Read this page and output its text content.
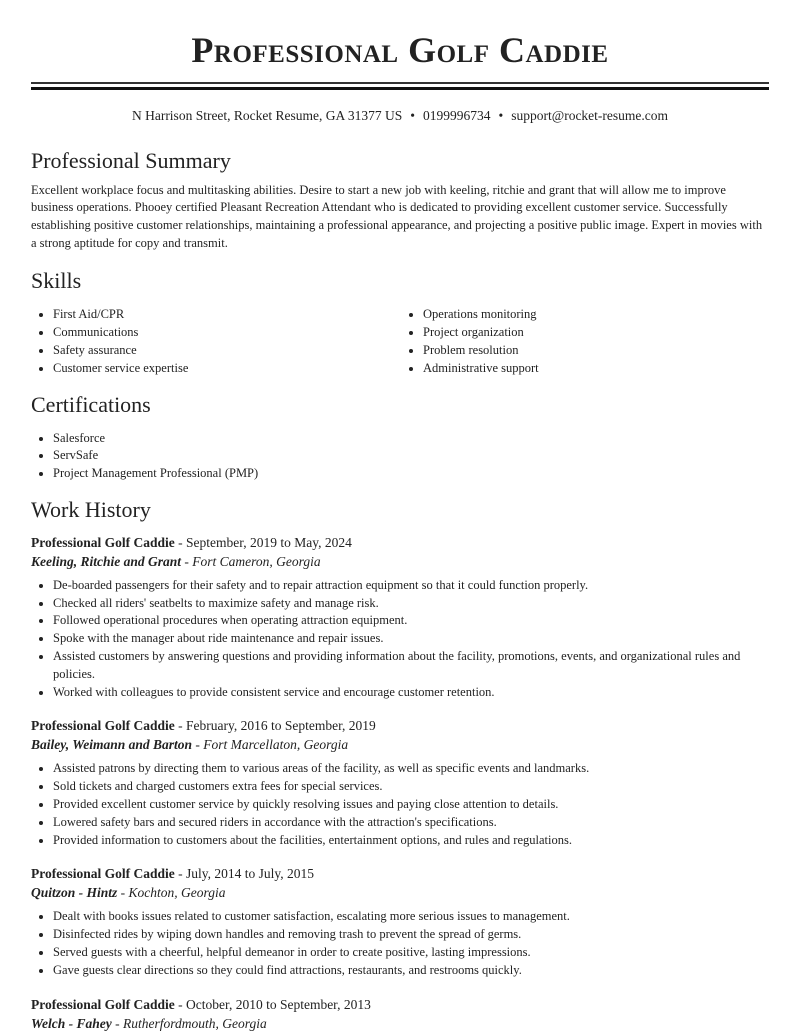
Professional Golf Caddie
N Harrison Street, Rocket Resume, GA 31377 US • 0199996734 • support@rocket-resume.com
Professional Summary

Excellent workplace focus and multitasking abilities. Desire to start a new job with keeling, ritchie and grant that will allow me to improve business operations. Phooey certified Pleasant Recreation Attendant who is dedicated to providing excellent customer service. Successfully establishing positive customer relationships, maintaining a professional appearance, and projecting a positive public image. Expert in movies with a strong aptitude for copy and transmit.

Skills
• First Aid/CPR
• Communications
• Safety assurance
• Customer service expertise
• Operations monitoring
• Project organization
• Problem resolution
• Administrative support
Certifications
• Salesforce
• ServSafe
• Project Management Professional (PMP)
Work History
Professional Golf Caddie - September, 2019 to May, 2024
Keeling, Ritchie and Grant - Fort Cameron, Georgia
• De-boarded passengers for their safety and to repair attraction equipment so that it could function properly.
• Checked all riders' seatbelts to maximize safety and manage risk.
• Followed operational procedures when operating attraction equipment.
• Spoke with the manager about ride maintenance and repair issues.
• Assisted customers by answering questions and providing information about the facility, promotions, events, and organizational rules and policies.
• Worked with colleagues to provide consistent service and encourage customer retention.
Professional Golf Caddie - February, 2016 to September, 2019
Bailey, Weimann and Barton - Fort Marcellaton, Georgia
• Assisted patrons by directing them to various areas of the facility, as well as specific events and landmarks.
• Sold tickets and charged customers extra fees for special services.
• Provided excellent customer service by quickly resolving issues and paying close attention to details.
• Lowered safety bars and secured riders in accordance with the attraction's specifications.
• Provided information to customers about the facilities, entertainment options, and rules and regulations.
Professional Golf Caddie - July, 2014 to July, 2015
Quitzon - Hintz - Kochton, Georgia
• Dealt with books issues related to customer satisfaction, escalating more serious issues to management.
• Disinfected rides by wiping down handles and removing trash to prevent the spread of germs.
• Served guests with a cheerful, helpful demeanor in order to create positive, lasting impressions.
• Gave guests clear directions so they could find attractions, restaurants, and restrooms quickly.
Professional Golf Caddie - October, 2010 to September, 2013
Welch - Fahey - Rutherfordmouth, Georgia
